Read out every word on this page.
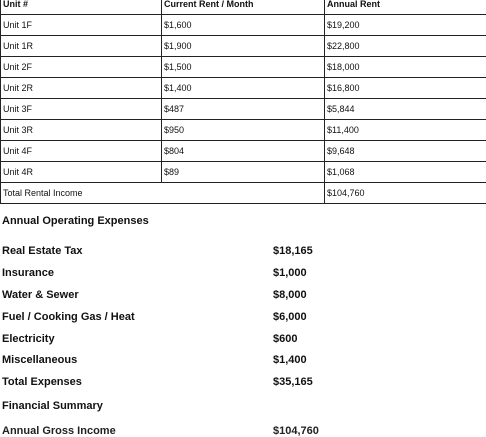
Unit #	Current Rent / Month	Annual Rent
Unit 1F	$1,600	$19,200
Unit 1R	$1,900	$22,800
Unit 2F	$1,500	$18,000
Unit 2R	$1,400	$16,800
Unit 3F	$487	$5,844
Unit 3R	$950	$11,400
Unit 4F	$804	$9,648
Unit 4R	$89	$1,068
Total Rental Income		$104,760

Annual Operating Expenses

Real Estate Tax	$18,165

Insurance	$1,000

Water & Sewer	$8,000

Fuel / Cooking Gas / Heat	$6,000

Electricity	$600

Miscellaneous	$1,400

Total Expenses	$35,165

Financial Summary

Annual Gross Income	$104,760
